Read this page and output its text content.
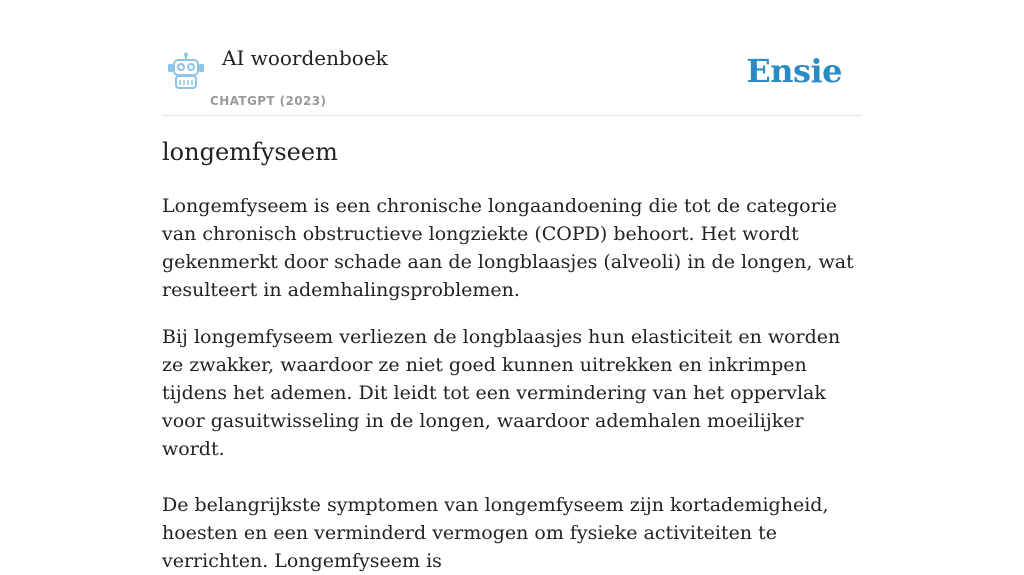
AI woordenboek
CHATGPT (2023)
Ensie
longemfyseem

Longemfyseem is een chronische longaandoening die tot de categorie van chronisch obstructieve longziekte (COPD) behoort. Het wordt gekenmerkt door schade aan de longblaasjes (alveoli) in de longen, wat resulteert in ademhalingsproblemen.

Bij longemfyseem verliezen de longblaasjes hun elasticiteit en worden ze zwakker, waardoor ze niet goed kunnen uitrekken en inkrimpen tijdens het ademen. Dit leidt tot een vermindering van het oppervlak voor gasuitwisseling in de longen, waardoor ademhalen moeilijker wordt.

De belangrijkste symptomen van longemfyseem zijn kortademigheid, hoesten en een verminderd vermogen om fysieke activiteiten te verrichten. Longemfyseem is
